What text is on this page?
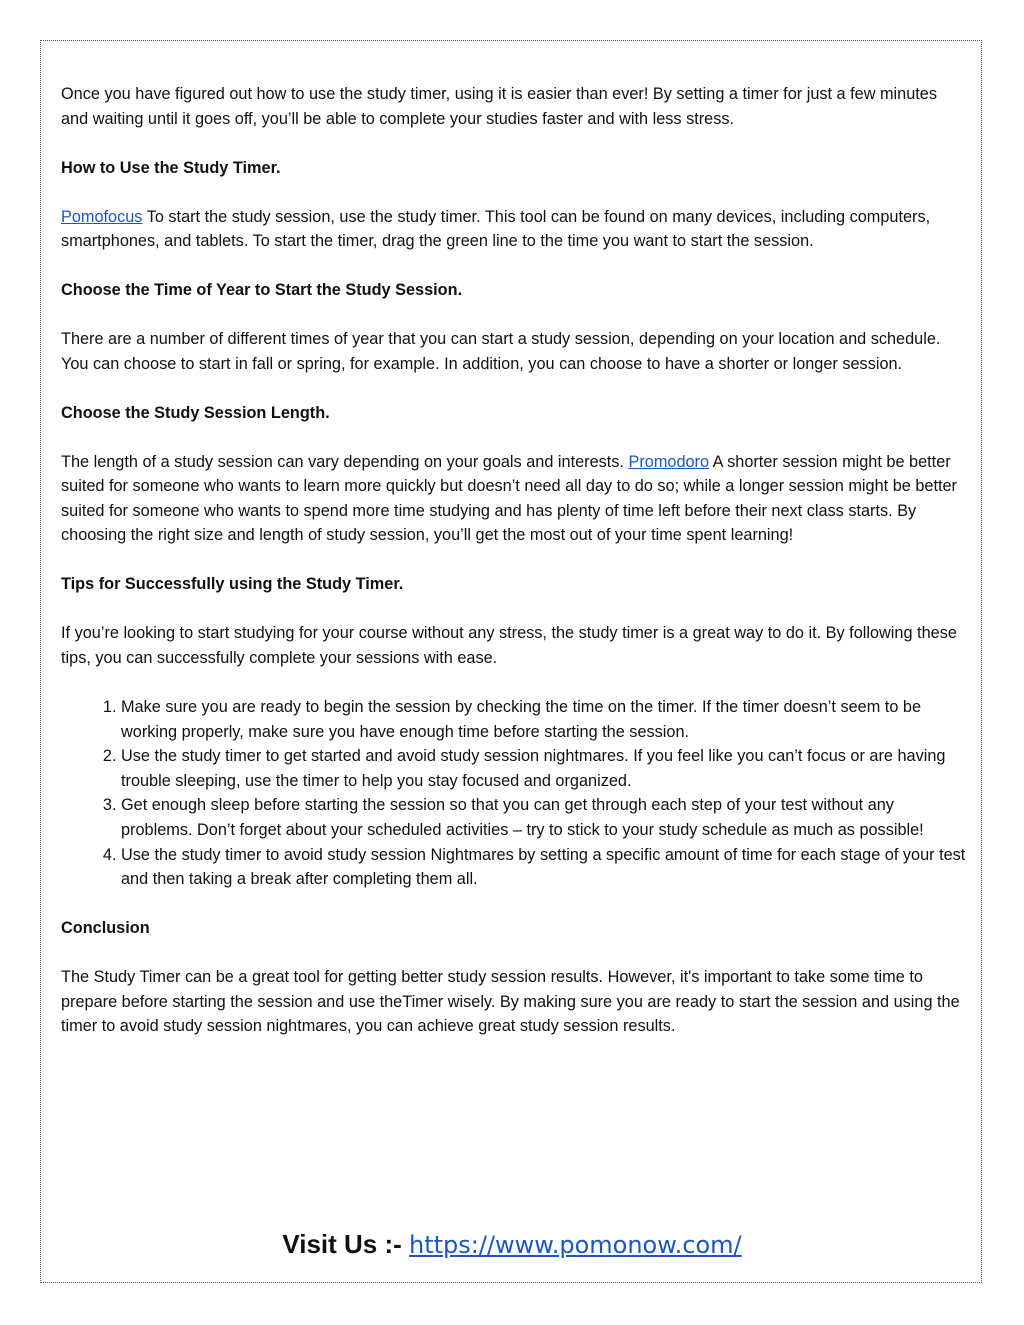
Once you have figured out how to use the study timer, using it is easier than ever! By setting a timer for just a few minutes and waiting until it goes off, you’ll be able to complete your studies faster and with less stress.

How to Use the Study Timer.

Pomofocus To start the study session, use the study timer. This tool can be found on many devices, including computers, smartphones, and tablets. To start the timer, drag the green line to the time you want to start the session.

Choose the Time of Year to Start the Study Session.

There are a number of different times of year that you can start a study session, depending on your location and schedule. You can choose to start in fall or spring, for example. In addition, you can choose to have a shorter or longer session.

Choose the Study Session Length.

The length of a study session can vary depending on your goals and interests. Promodoro A shorter session might be better suited for someone who wants to learn more quickly but doesn’t need all day to do so; while a longer session might be better suited for someone who wants to spend more time studying and has plenty of time left before their next class starts. By choosing the right size and length of study session, you’ll get the most out of your time spent learning!

Tips for Successfully using the Study Timer.

If you’re looking to start studying for your course without any stress, the study timer is a great way to do it. By following these tips, you can successfully complete your sessions with ease.

1. Make sure you are ready to begin the session by checking the time on the timer. If the timer doesn’t seem to be working properly, make sure you have enough time before starting the session.
2. Use the study timer to get started and avoid study session nightmares. If you feel like you can’t focus or are having trouble sleeping, use the timer to help you stay focused and organized.
3. Get enough sleep before starting the session so that you can get through each step of your test without any problems. Don’t forget about your scheduled activities – try to stick to your study schedule as much as possible!
4. Use the study timer to avoid study session Nightmares by setting a specific amount of time for each stage of your test and then taking a break after completing them all.
Conclusion

The Study Timer can be a great tool for getting better study session results. However, it's important to take some time to prepare before starting the session and use theTimer wisely. By making sure you are ready to start the session and using the timer to avoid study session nightmares, you can achieve great study session results.

Visit Us :- https://www.pomonow.com/
